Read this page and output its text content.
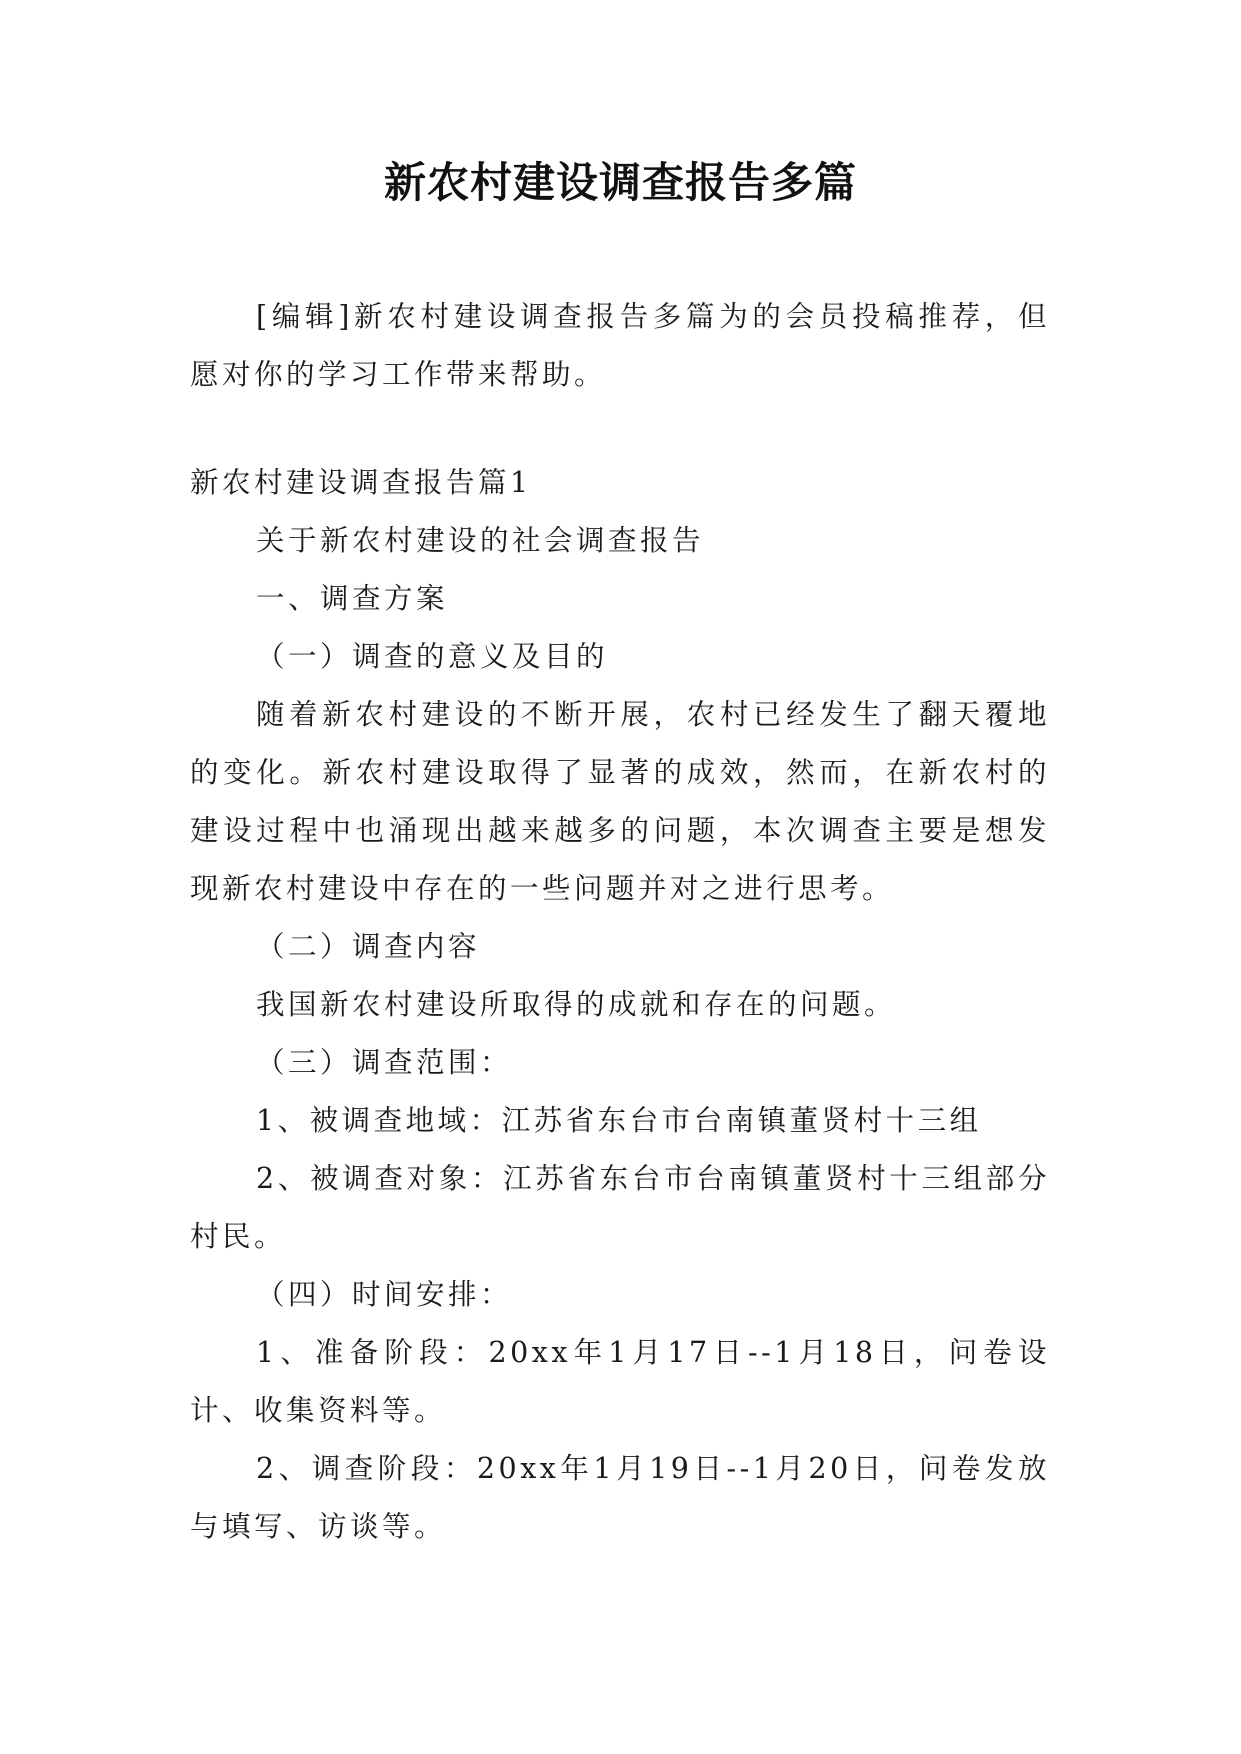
新农村建设调查报告多篇

[编辑]新农村建设调查报告多篇为的会员投稿推荐，但愿对你的学习工作带来帮助。

新农村建设调查报告篇1

关于新农村建设的社会调查报告

一、调查方案

（一）调查的意义及目的

随着新农村建设的不断开展，农村已经发生了翻天覆地的变化。新农村建设取得了显著的成效，然而，在新农村的建设过程中也涌现出越来越多的问题，本次调查主要是想发现新农村建设中存在的一些问题并对之进行思考。

（二）调查内容

我国新农村建设所取得的成就和存在的问题。

（三）调查范围：

1、被调查地域：江苏省东台市台南镇董贤村十三组

2、被调查对象：江苏省东台市台南镇董贤村十三组部分村民。

（四）时间安排：

1、准备阶段：20xx年1月17日--1月18日，问卷设计、收集资料等。

2、调查阶段：20xx年1月19日--1月20日，问卷发放与填写、访谈等。
